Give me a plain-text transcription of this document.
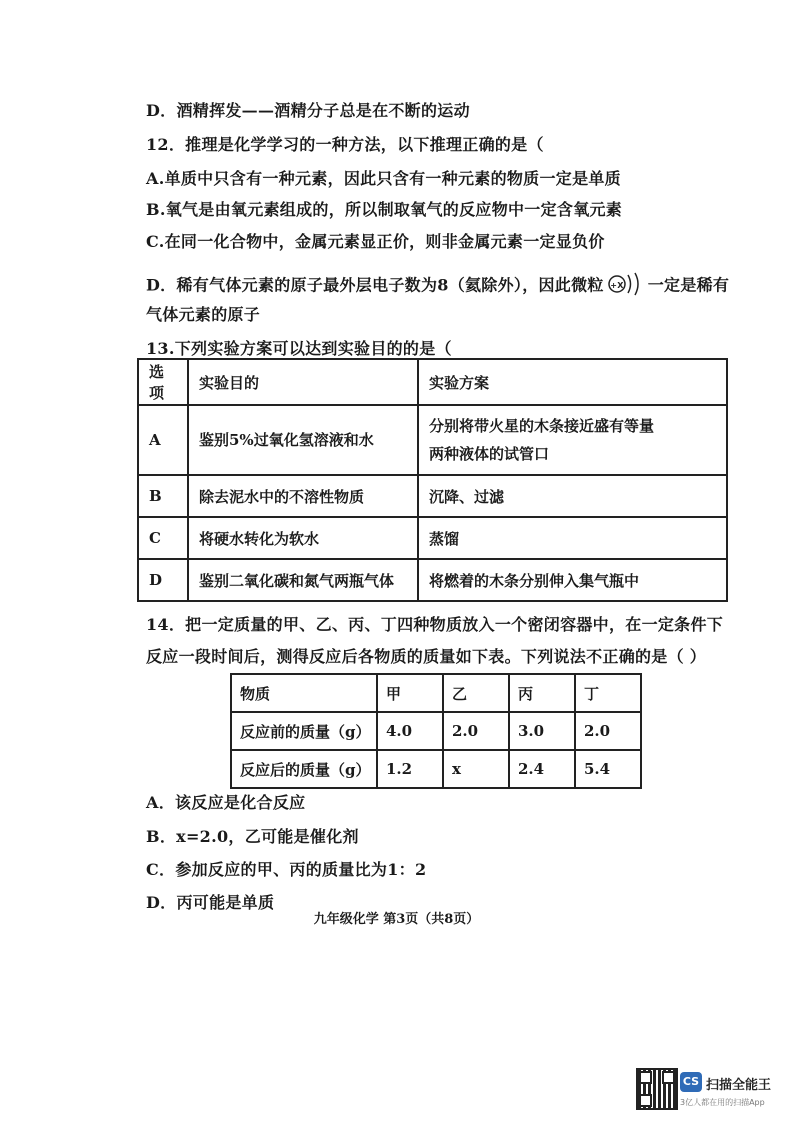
D．酒精挥发——酒精分子总是在不断的运动
12．推理是化学学习的一种方法，以下推理正确的是（
A.单质中只含有一种元素，因此只含有一种元素的物质一定是单质
B.氧气是由氧元素组成的，所以制取氧气的反应物中一定含氧元素
C.在同一化合物中，金属元素显正价，则非金属元素一定显负价
D．稀有气体元素的原子最外层电子数为8（氦除外），因此微粒 +X 一定是稀有
气体元素的原子
13.下列实验方案可以达到实验目的的是（
选项	实验目的	实验方案
A	鉴别5%过氧化氢溶液和水	分别将带火星的木条接近盛有等量
两种液体的试管口

B	除去泥水中的不溶性物质	沉降、过滤
C	将硬水转化为软水	蒸馏
D	鉴别二氧化碳和氮气两瓶气体	将燃着的木条分别伸入集气瓶中
14．把一定质量的甲、乙、丙、丁四种物质放入一个密闭容器中，在一定条件下
反应一段时间后，测得反应后各物质的质量如下表。下列说法不正确的是（ ）
物质	甲	乙	丙	丁
反应前的质量（g）	4.0	2.0	3.0	2.0
反应后的质量（g）	1.2	x	2.4	5.4
A．该反应是化合反应
B．x=2.0，乙可能是催化剂
C．参加反应的甲、丙的质量比为1：2
D．丙可能是单质
九年级化学 第3页（共8页）
CS 扫描全能王
3亿人都在用的扫描App
